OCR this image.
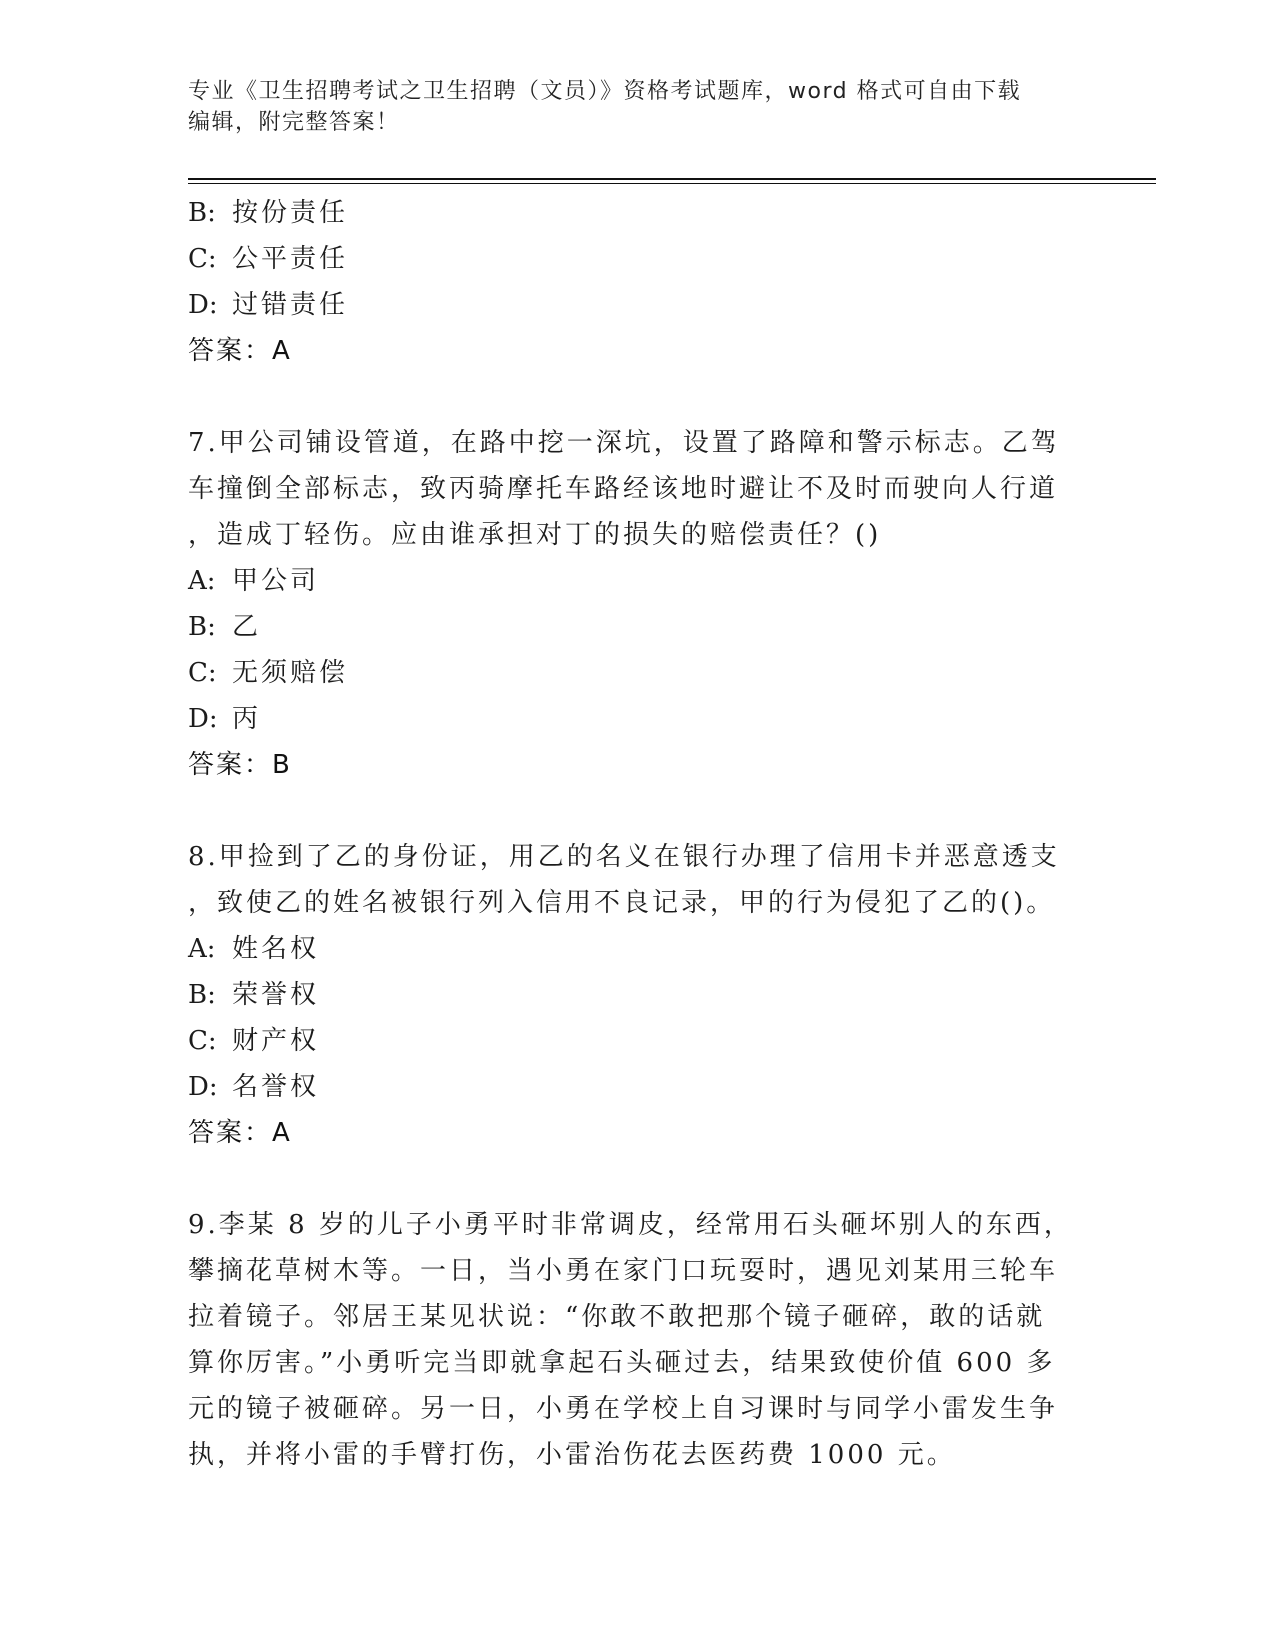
专业《卫生招聘考试之卫生招聘（文员）》资格考试题库，word 格式可自由下载
编辑，附完整答案！
B: 按份责任
C: 公平责任
D: 过错责任
答案：A
7.甲公司铺设管道，在路中挖一深坑，设置了路障和警示标志。乙驾
车撞倒全部标志，致丙骑摩托车路经该地时避让不及时而驶向人行道
，造成丁轻伤。应由谁承担对丁的损失的赔偿责任？()
A: 甲公司
B: 乙
C: 无须赔偿
D: 丙
答案：B
8.甲捡到了乙的身份证，用乙的名义在银行办理了信用卡并恶意透支
，致使乙的姓名被银行列入信用不良记录，甲的行为侵犯了乙的()。
A: 姓名权
B: 荣誉权
C: 财产权
D: 名誉权
答案：A
9.李某 8 岁的儿子小勇平时非常调皮，经常用石头砸坏别人的东西，
攀摘花草树木等。一日，当小勇在家门口玩耍时，遇见刘某用三轮车
拉着镜子。邻居王某见状说：“你敢不敢把那个镜子砸碎，敢的话就
算你厉害。”小勇听完当即就拿起石头砸过去，结果致使价值 600 多
元的镜子被砸碎。另一日，小勇在学校上自习课时与同学小雷发生争
执，并将小雷的手臂打伤，小雷治伤花去医药费 1000 元。
